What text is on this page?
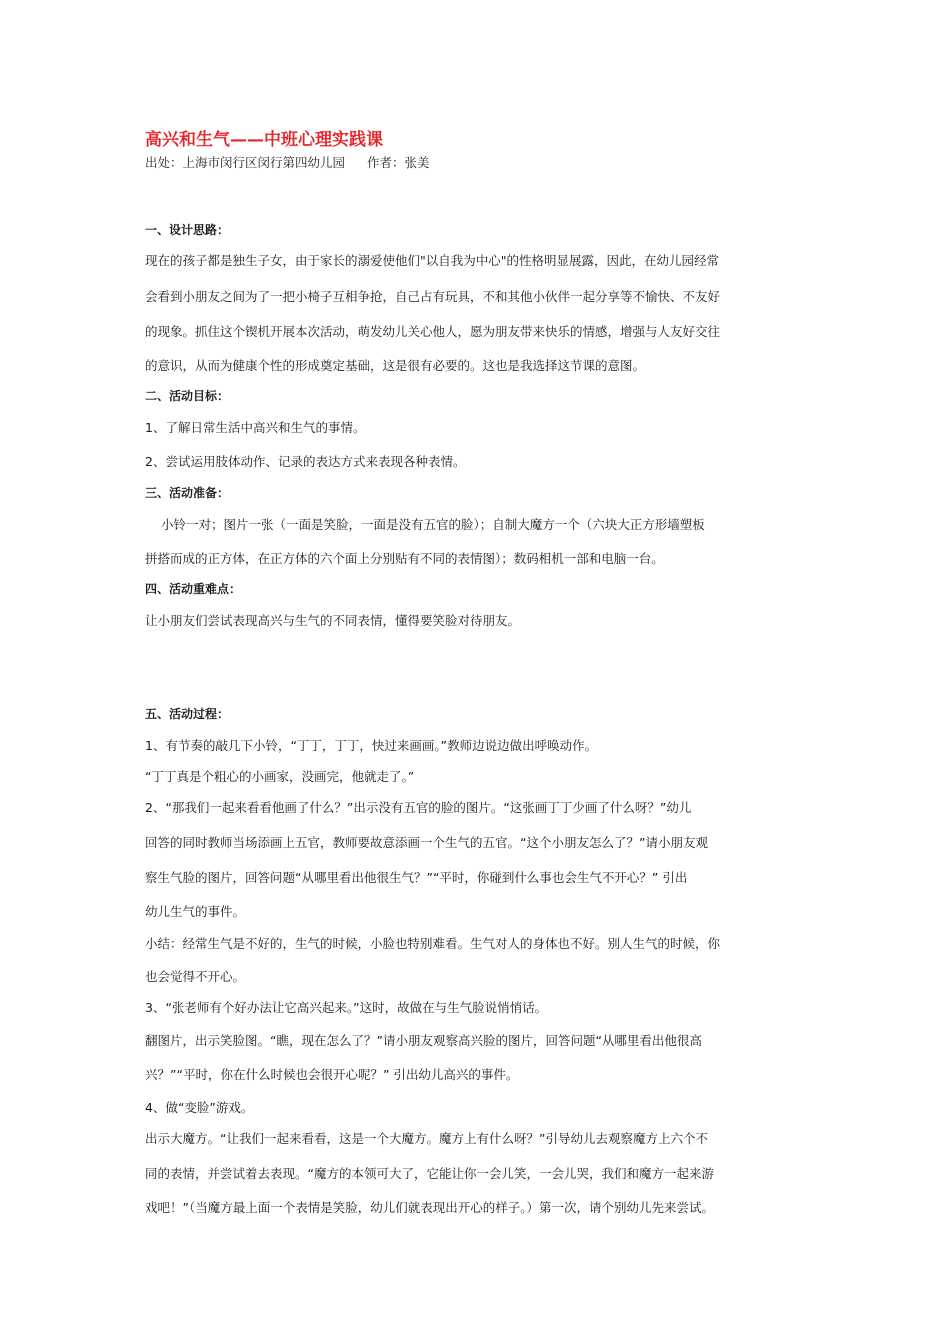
高兴和生气——中班心理实践课
出处：上海市闵行区闵行第四幼儿园 作者：张美
一、设计思路：
现在的孩子都是独生子女，由于家长的溺爱使他们"以自我为中心"的性格明显展露，因此，在幼儿园经常
会看到小朋友之间为了一把小椅子互相争抢，自己占有玩具，不和其他小伙伴一起分享等不愉快、不友好
的现象。抓住这个锲机开展本次活动，萌发幼儿关心他人，愿为朋友带来快乐的情感，增强与人友好交往
的意识，从而为健康个性的形成奠定基础，这是很有必要的。这也是我选择这节课的意图。
二、活动目标：
1、了解日常生活中高兴和生气的事情。
2、尝试运用肢体动作、记录的表达方式来表现各种表情。
三、活动准备：
小铃一对；图片一张（一面是笑脸，一面是没有五官的脸）；自制大魔方一个（六块大正方形墙塑板
拼搭而成的正方体，在正方体的六个面上分别贴有不同的表情图）；数码相机一部和电脑一台。
四、活动重难点：
让小朋友们尝试表现高兴与生气的不同表情，懂得要笑脸对待朋友。
五、活动过程：
1、有节奏的敲几下小铃，“丁丁，丁丁，快过来画画。”教师边说边做出呼唤动作。
“丁丁真是个粗心的小画家，没画完，他就走了。”
2、“那我们一起来看看他画了什么？”出示没有五官的脸的图片。“这张画丁丁少画了什么呀？”幼儿
回答的同时教师当场添画上五官，教师要故意添画一个生气的五官。“这个小朋友怎么了？”请小朋友观
察生气脸的图片，回答问题“从哪里看出他很生气？”“平时，你碰到什么事也会生气不开心？” 引出
幼儿生气的事件。
小结：经常生气是不好的，生气的时候，小脸也特别难看。生气对人的身体也不好。别人生气的时候，你
也会觉得不开心。
3、“张老师有个好办法让它高兴起来。”这时，故做在与生气脸说悄悄话。
翻图片，出示笑脸图。“瞧，现在怎么了？”请小朋友观察高兴脸的图片，回答问题“从哪里看出他很高
兴？”“平时，你在什么时候也会很开心呢？” 引出幼儿高兴的事件。
4、做“变脸”游戏。
出示大魔方。“让我们一起来看看，这是一个大魔方。魔方上有什么呀？”引导幼儿去观察魔方上六个不
同的表情，并尝试着去表现。“魔方的本领可大了，它能让你一会儿笑，一会儿哭，我们和魔方一起来游
戏吧！”（当魔方最上面一个表情是笑脸，幼儿们就表现出开心的样子。）第一次，请个别幼儿先来尝试。
